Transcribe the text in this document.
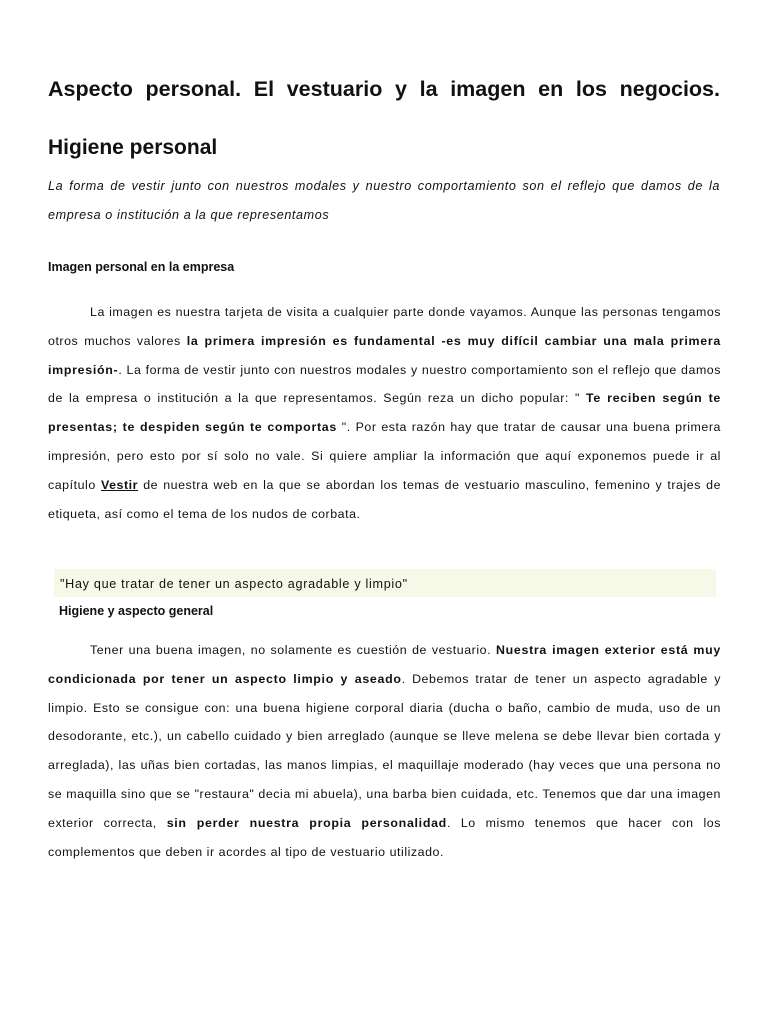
Aspecto personal. El vestuario y la imagen en los negocios.
Higiene personal

La forma de vestir junto con nuestros modales y nuestro comportamiento son el reflejo que damos de la empresa o institución a la que representamos

Imagen personal en la empresa

La imagen es nuestra tarjeta de visita a cualquier parte donde vayamos. Aunque las personas tengamos otros muchos valores la primera impresión es fundamental -es muy difícil cambiar una mala primera impresión-. La forma de vestir junto con nuestros modales y nuestro comportamiento son el reflejo que damos de la empresa o institución a la que representamos. Según reza un dicho popular: " Te reciben según te presentas; te despiden según te comportas ". Por esta razón hay que tratar de causar una buena primera impresión, pero esto por sí solo no vale. Si quiere ampliar la información que aquí exponemos puede ir al capítulo Vestir de nuestra web en la que se abordan los temas de vestuario masculino, femenino y trajes de etiqueta, así como el tema de los nudos de corbata.

"Hay que tratar de tener un aspecto agradable y limpio"
Higiene y aspecto general

Tener una buena imagen, no solamente es cuestión de vestuario. Nuestra imagen exterior está muy condicionada por tener un aspecto limpio y aseado. Debemos tratar de tener un aspecto agradable y limpio. Esto se consigue con: una buena higiene corporal diaria (ducha o baño, cambio de muda, uso de un desodorante, etc.), un cabello cuidado y bien arreglado (aunque se lleve melena se debe llevar bien cortada y arreglada), las uñas bien cortadas, las manos limpias, el maquillaje moderado (hay veces que una persona no se maquilla sino que se "restaura" decia mi abuela), una barba bien cuidada, etc. Tenemos que dar una imagen exterior correcta, sin perder nuestra propia personalidad. Lo mismo tenemos que hacer con los complementos que deben ir acordes al tipo de vestuario utilizado.
